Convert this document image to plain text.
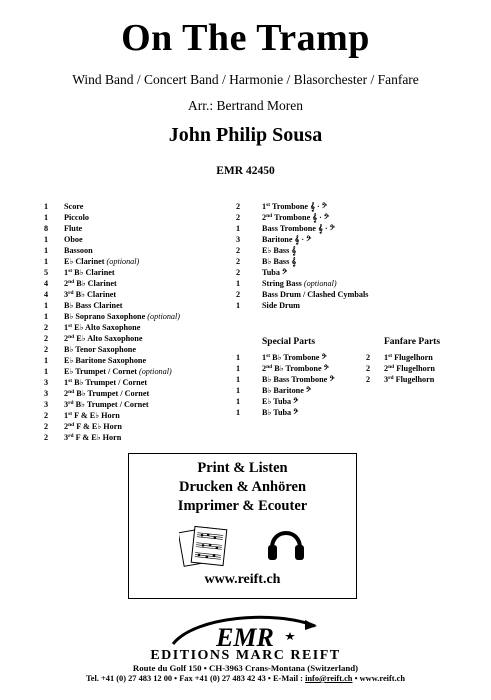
On The Tramp
Wind Band / Concert Band / Harmonie / Blasorchester / Fanfare
Arr.: Bertrand Moren
John Philip Sousa
EMR 42450
1	Score
1	Piccolo
8	Flute
1	Oboe
1	Bassoon
1	E♭ Clarinet (optional)
5	1st B♭ Clarinet
4	2nd B♭ Clarinet
4	3rd B♭ Clarinet
1	B♭ Bass Clarinet
1	B♭ Soprano Saxophone (optional)
2	1st E♭ Alto Saxophone
2	2nd E♭ Alto Saxophone
2	B♭ Tenor Saxophone
1	E♭ Baritone Saxophone
1	E♭ Trumpet / Cornet (optional)
3	1st B♭ Trumpet / Cornet
3	2nd B♭ Trumpet / Cornet
3	3rd B♭ Trumpet / Cornet
2	1st F & E♭ Horn
2	2nd F & E♭ Horn
2	3rd F & E♭ Horn
2	1st Trombone 𝄞 · 𝄢
2	2nd Trombone 𝄞 · 𝄢
1	Bass Trombone 𝄞 · 𝄢
3	Baritone 𝄞 · 𝄢
2	E♭ Bass 𝄞
2	B♭ Bass 𝄞
2	Tuba 𝄢
1	String Bass (optional)
2	Bass Drum / Clashed Cymbals
1	Side Drum
Special Parts
1	1st B♭ Trombone 𝄢
1	2nd B♭ Trombone 𝄢
1	B♭ Bass Trombone 𝄢
1	B♭ Baritone 𝄢
1	E♭ Tuba 𝄢
1	B♭ Tuba 𝄢
Fanfare Parts
2	1st Flugelhorn
2	2nd Flugelhorn
2	3rd Flugelhorn
Print & Listen
Drucken & Anhören
Imprimer & Ecouter
www.reift.ch
EMR
EDITIONS MARC REIFT
Route du Golf 150 • CH-3963 Crans-Montana (Switzerland)
Tel. +41 (0) 27 483 12 00 • Fax +41 (0) 27 483 42 43 • E-Mail : info@reift.ch • www.reift.ch
